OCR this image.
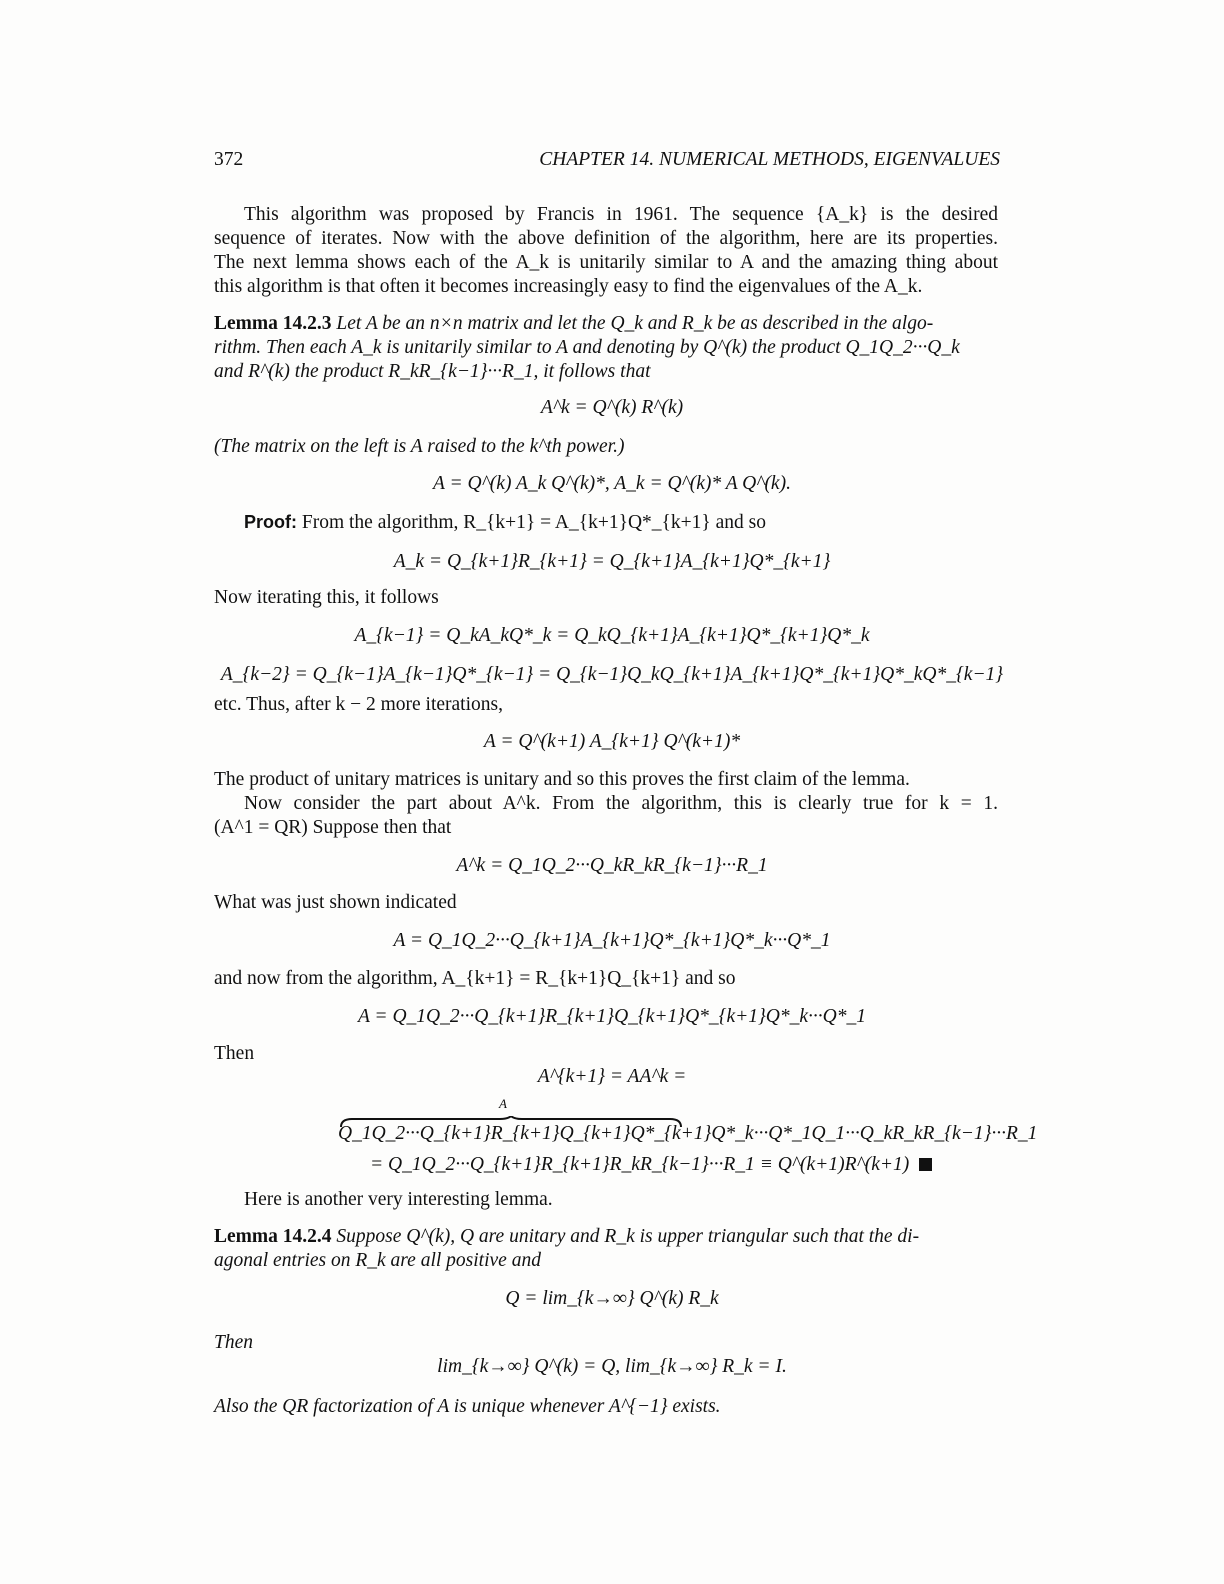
372	CHAPTER 14. NUMERICAL METHODS, EIGENVALUES
This algorithm was proposed by Francis in 1961. The sequence {A_k} is the desired
sequence of iterates. Now with the above definition of the algorithm, here are its properties.
The next lemma shows each of the A_k is unitarily similar to A and the amazing thing about
this algorithm is that often it becomes increasingly easy to find the eigenvalues of the A_k.
Lemma 14.2.3 Let A be an n×n matrix and let the Q_k and R_k be as described in the algo-
rithm. Then each A_k is unitarily similar to A and denoting by Q^(k) the product Q_1Q_2···Q_k
and R^(k) the product R_kR_{k−1}···R_1, it follows that
A^k = Q^(k) R^(k)
(The matrix on the left is A raised to the k^th power.)
A = Q^(k) A_k Q^(k)*, A_k = Q^(k)* A Q^(k).
Proof: From the algorithm, R_{k+1} = A_{k+1}Q*_{k+1} and so
A_k = Q_{k+1}R_{k+1} = Q_{k+1}A_{k+1}Q*_{k+1}
Now iterating this, it follows
A_{k−1} = Q_kA_kQ*_k = Q_kQ_{k+1}A_{k+1}Q*_{k+1}Q*_k
A_{k−2} = Q_{k−1}A_{k−1}Q*_{k−1} = Q_{k−1}Q_kQ_{k+1}A_{k+1}Q*_{k+1}Q*_kQ*_{k−1}
etc. Thus, after k − 2 more iterations,
A = Q^(k+1) A_{k+1} Q^(k+1)*
The product of unitary matrices is unitary and so this proves the first claim of the lemma.
Now consider the part about A^k. From the algorithm, this is clearly true for k = 1.
(A^1 = QR) Suppose then that
A^k = Q_1Q_2···Q_kR_kR_{k−1}···R_1
What was just shown indicated
A = Q_1Q_2···Q_{k+1}A_{k+1}Q*_{k+1}Q*_k···Q*_1
and now from the algorithm, A_{k+1} = R_{k+1}Q_{k+1} and so
A = Q_1Q_2···Q_{k+1}R_{k+1}Q_{k+1}Q*_{k+1}Q*_k···Q*_1
Then
A^{k+1} = AA^k =
A
Q_1Q_2···Q_{k+1}R_{k+1}Q_{k+1}Q*_{k+1}Q*_k···Q*_1Q_1···Q_kR_kR_{k−1}···R_1
= Q_1Q_2···Q_{k+1}R_{k+1}R_kR_{k−1}···R_1 ≡ Q^(k+1)R^(k+1)
Here is another very interesting lemma.
Lemma 14.2.4 Suppose Q^(k), Q are unitary and R_k is upper triangular such that the di-
agonal entries on R_k are all positive and
Q = lim_{k→∞} Q^(k) R_k
Then
lim_{k→∞} Q^(k) = Q, lim_{k→∞} R_k = I.
Also the QR factorization of A is unique whenever A^{−1} exists.
